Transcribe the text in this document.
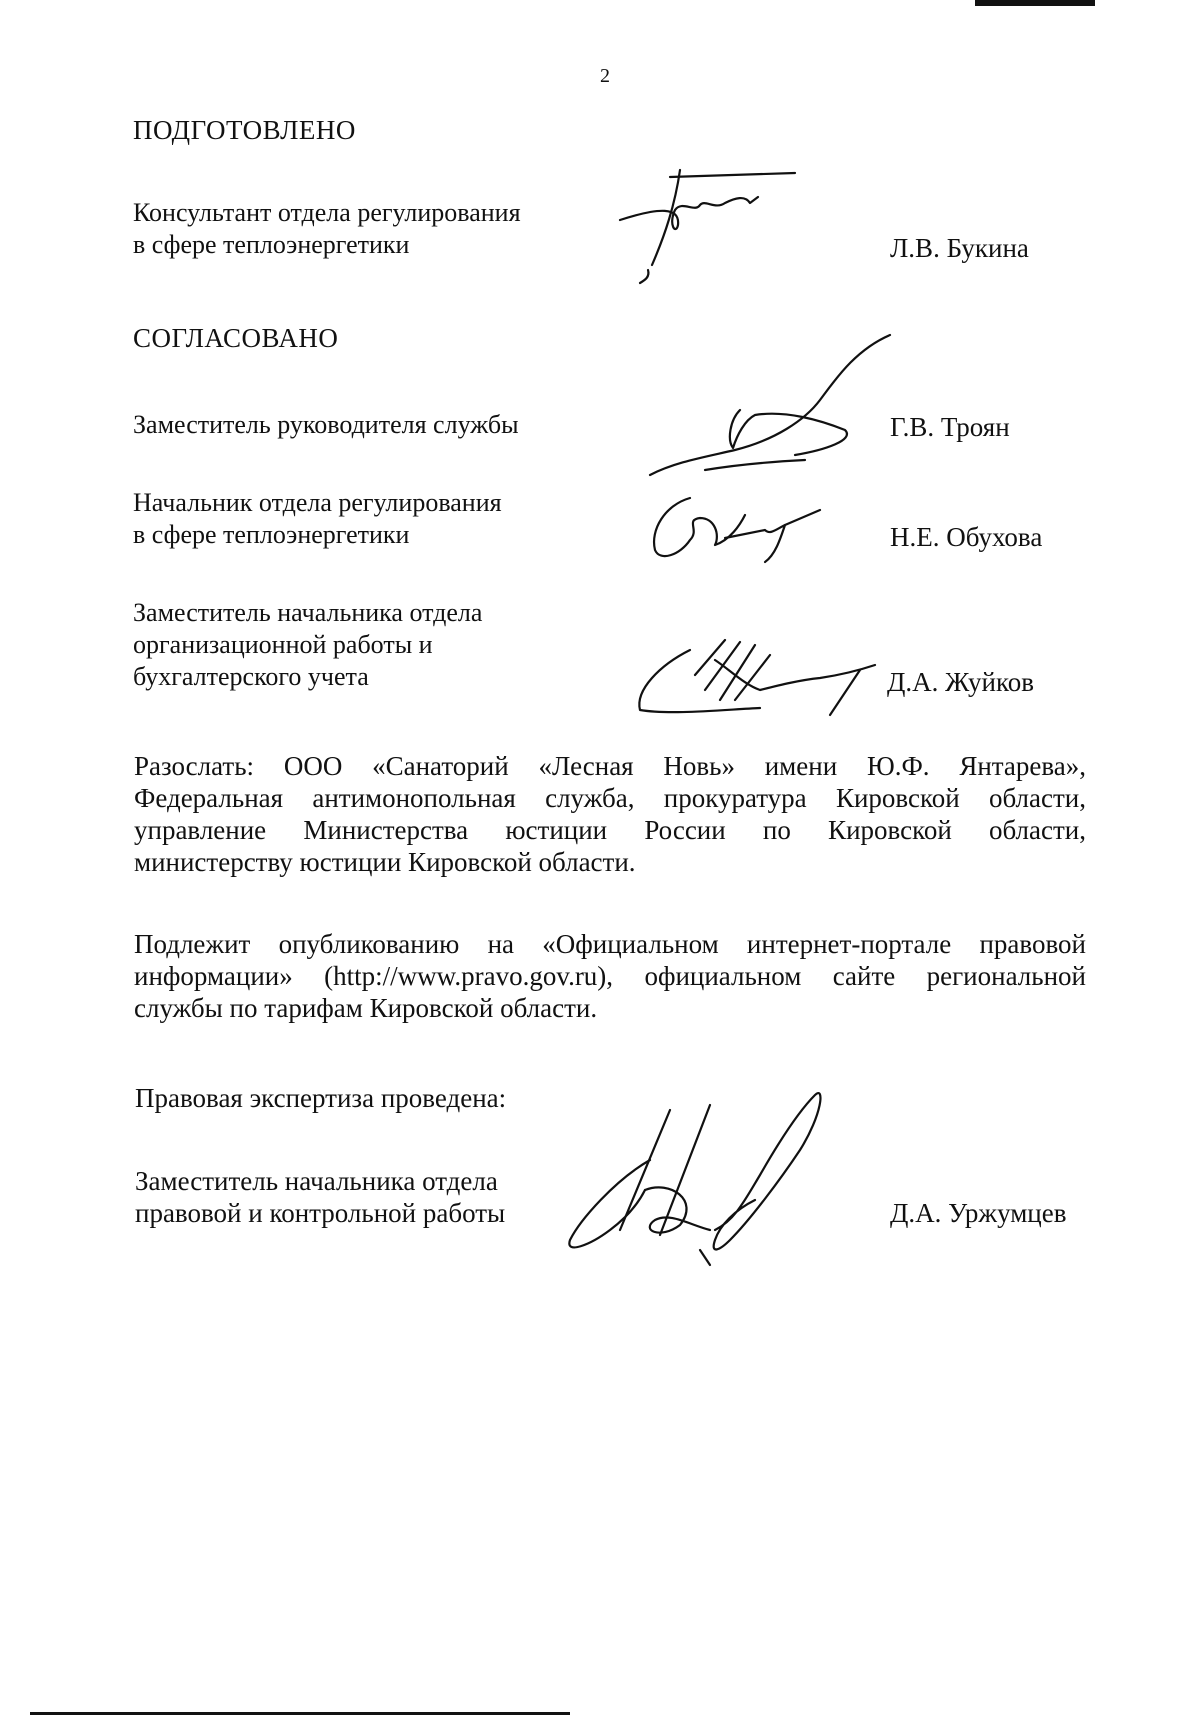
2
ПОДГОТОВЛЕНО
Консультант отдела регулирования
в сфере теплоэнергетики	Л.В. Букина
СОГЛАСОВАНО
Заместитель руководителя службы	Г.В. Троян
Начальник отдела регулирования
в сфере теплоэнергетики	Н.Е. Обухова
Заместитель начальника отдела
организационной работы и
бухгалтерского учета	Д.А. Жуйков
Разослать: ООО «Санаторий «Лесная Новь» имени Ю.Ф. Янтарева»,
Федеральная антимонопольная служба, прокуратура Кировской области,
управление Министерства юстиции России по Кировской области,
министерству юстиции Кировской области.
Подлежит опубликованию на «Официальном интернет-портале правовой
информации» (http://www.pravo.gov.ru), официальном сайте региональной
службы по тарифам Кировской области.
Правовая экспертиза проведена:
Заместитель начальника отдела
правовой и контрольной работы	Д.А. Уржумцев
